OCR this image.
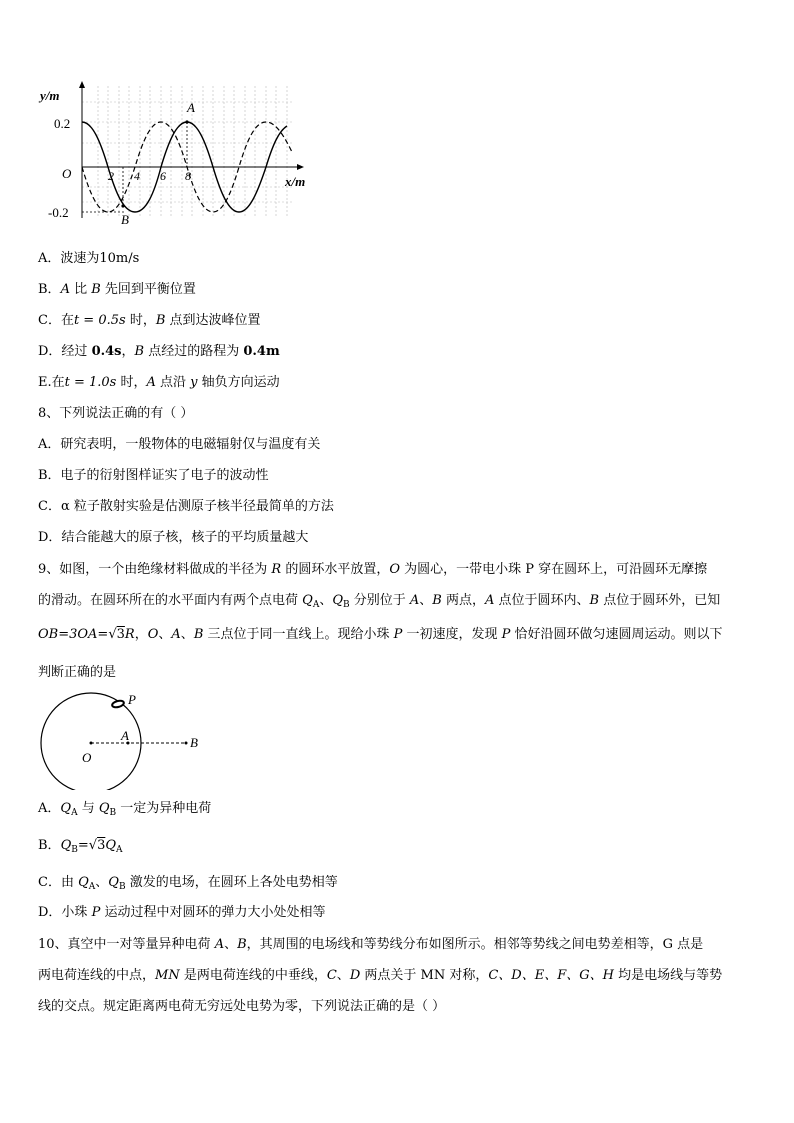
y/m
x/m
O
0.2
-0.2
2 4 6 8
A
B
A．波速为10m/s
B．A 比 B 先回到平衡位置
C．在t = 0.5s 时，B 点到达波峰位置
D．经过 0.4s，B 点经过的路程为 0.4m
E.在t = 1.0s 时，A 点沿 y 轴负方向运动
8、下列说法正确的有（ ）
A．研究表明，一般物体的电磁辐射仅与温度有关
B．电子的衍射图样证实了电子的波动性
C．α 粒子散射实验是估测原子核半径最简单的方法
D．结合能越大的原子核，核子的平均质量越大
9、如图，一个由绝缘材料做成的半径为 R 的圆环水平放置，O 为圆心，一带电小珠 P 穿在圆环上，可沿圆环无摩擦
的滑动。在圆环所在的水平面内有两个点电荷 $Q_A$、$Q_B$ 分别位于 A、B 两点，A 点位于圆环内、B 点位于圆环外，已知
OB=3OA=√3R，O、A、B 三点位于同一直线上。现给小珠 P 一初速度，发现 P 恰好沿圆环做匀速圆周运动。则以下
判断正确的是
P
A	B
O
A．$Q_A$ 与 $Q_B$ 一定为异种电荷
B．$Q_B=√3Q_A$
C．由 $Q_A$、$Q_B$ 激发的电场，在圆环上各处电势相等
D．小珠 P 运动过程中对圆环的弹力大小处处相等
10、真空中一对等量异种电荷 A、B，其周围的电场线和等势线分布如图所示。相邻等势线之间电势差相等，G 点是
两电荷连线的中点，MN 是两电荷连线的中垂线，C、D 两点关于 MN 对称，C、D、E、F、G、H 均是电场线与等势
线的交点。规定距离两电荷无穷远处电势为零，下列说法正确的是（ ）
